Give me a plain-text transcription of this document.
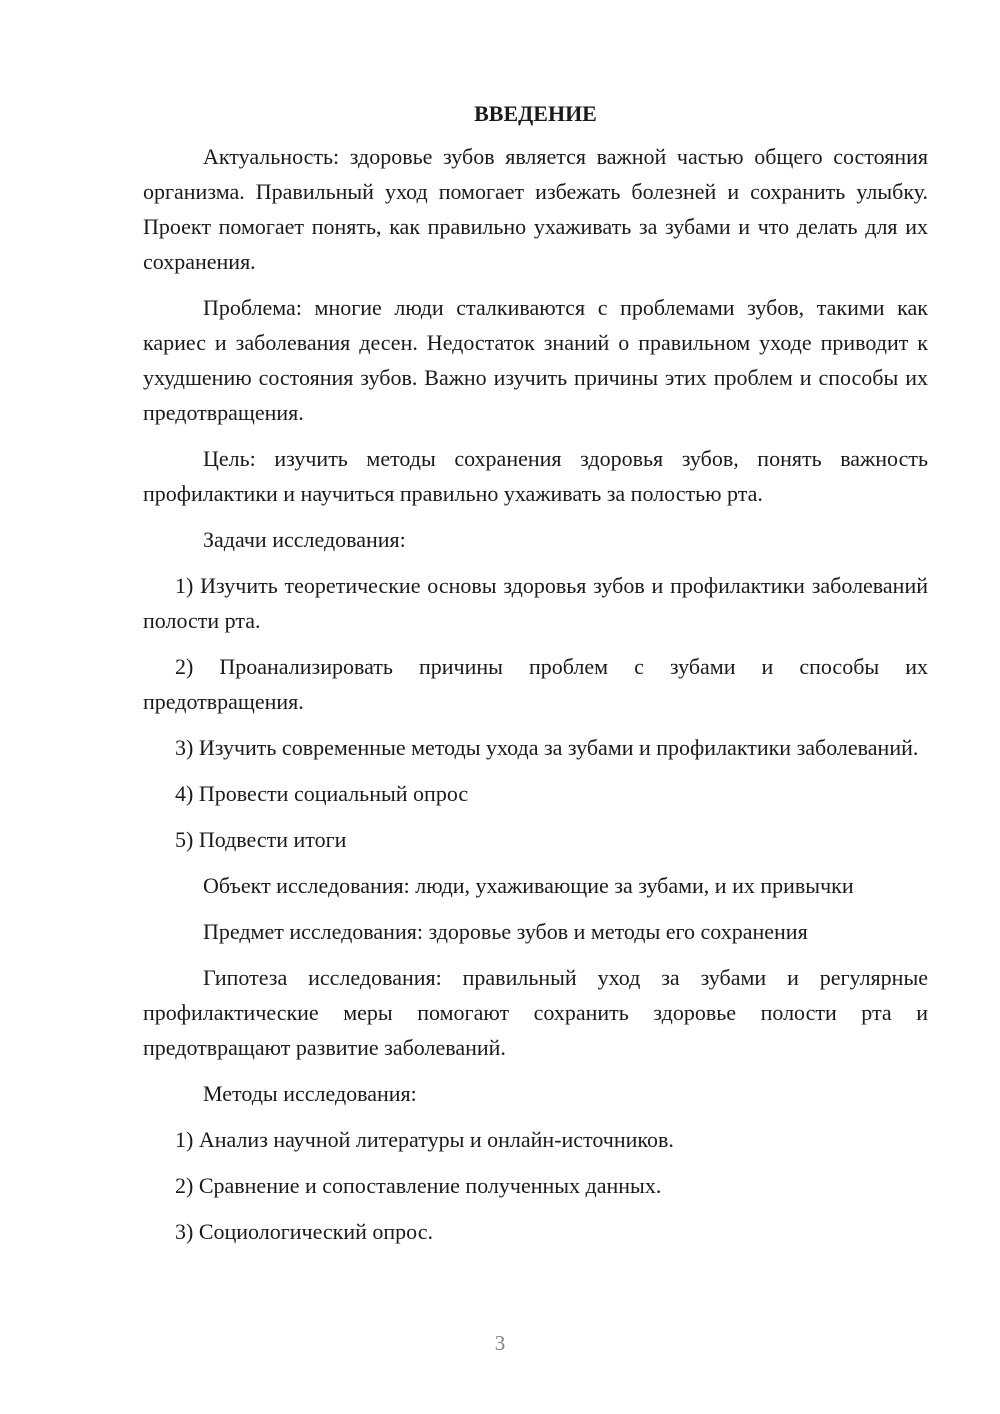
ВВЕДЕНИЕ
Актуальность: здоровье зубов является важной частью общего состояния организма. Правильный уход помогает избежать болезней и сохранить улыбку. Проект помогает понять, как правильно ухаживать за зубами и что делать для их сохранения.
Проблема: многие люди сталкиваются с проблемами зубов, такими как кариес и заболевания десен. Недостаток знаний о правильном уходе приводит к ухудшению состояния зубов. Важно изучить причины этих проблем и способы их предотвращения.
Цель: изучить методы сохранения здоровья зубов, понять важность профилактики и научиться правильно ухаживать за полостью рта.
Задачи исследования:
1) Изучить теоретические основы здоровья зубов и профилактики заболеваний полости рта.
2) Проанализировать причины проблем с зубами и способы их предотвращения.
3) Изучить современные методы ухода за зубами и профилактики заболеваний.
4) Провести социальный опрос
5) Подвести итоги
Объект исследования: люди, ухаживающие за зубами, и их привычки
Предмет исследования: здоровье зубов и методы его сохранения
Гипотеза исследования: правильный уход за зубами и регулярные профилактические меры помогают сохранить здоровье полости рта и предотвращают развитие заболеваний.
Методы исследования:
1) Анализ научной литературы и онлайн-источников.
2) Сравнение и сопоставление полученных данных.
3) Социологический опрос.
3
